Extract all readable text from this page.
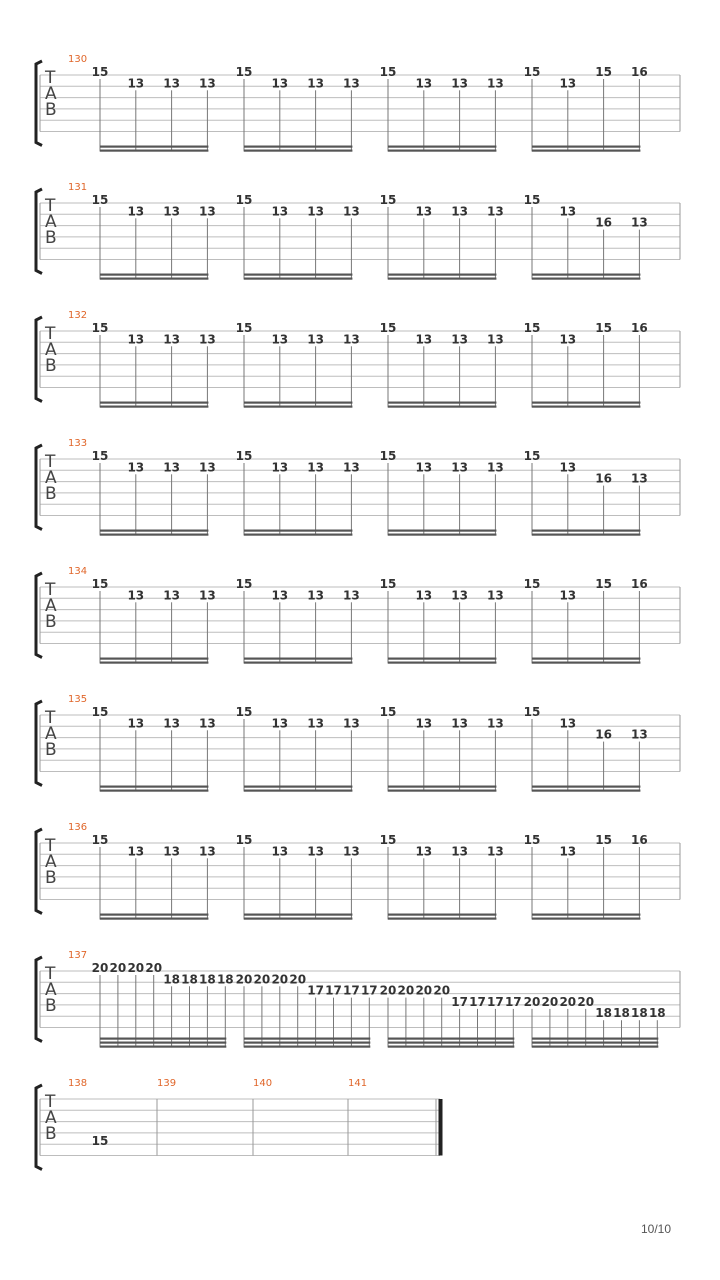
T
A
B
130
15
13 13 13
15
13 13 13
15
13 13 13
15
13
15 16
T
A
B
131
15
13 13 13
15
13 13 13
15
13 13 13
15
13
16 13
T
A
B
132
15
13 13 13
15
13 13 13
15
13 13 13
15
13
15 16
T
A
B
133
15
13 13 13
15
13 13 13
15
13 13 13
15
13
16 13
T
A
B
134
15
13 13 13
15
13 13 13
15
13 13 13
15
13
15 16
T
A
B
135
15
13 13 13
15
13 13 13
15
13 13 13
15
13
16 13
T
A
B
136
15
13 13 13
15
13 13 13
15
13 13 13
15
13
15 16
T
A
B
137
20 20 20 20
18 18 18 18 20 20 20 20
17 17 17 17 20 20 20 20
17 17 17 17 20 20 20 20
18 18 18 18
T
A
B
138	139	140	141
15
10/10
